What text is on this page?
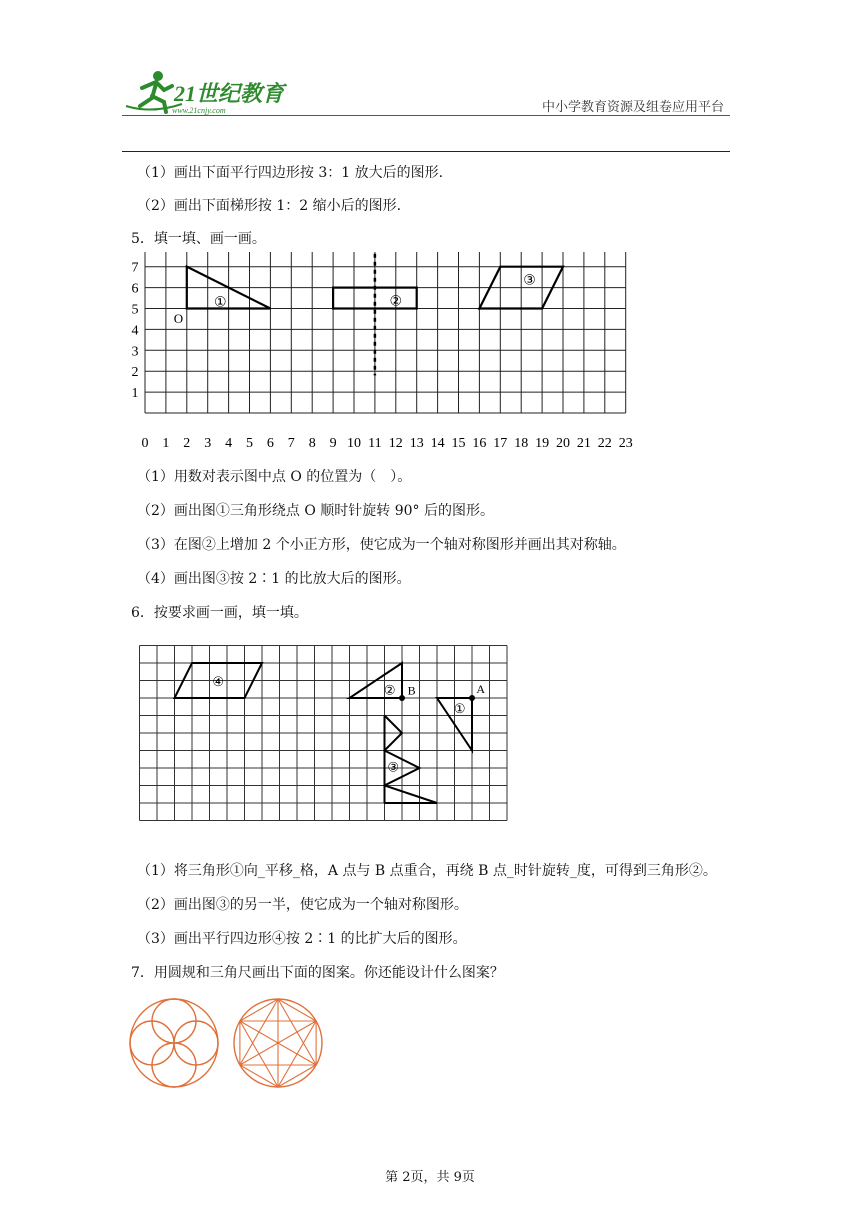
21世纪教育
www.21cnjy.com	中小学教育资源及组卷应用平台
（1）画出下面平行四边形按 3：1 放大后的图形.
（2）画出下面梯形按 1：2 缩小后的图形.
5．填一填、画一画。
0 1 2 3 4 5 6 7 8 9 10 11 12 13 14 15 16 17 18 19 20 21 22 23
7
6
5
4
3
2
1
①
O
②
③
（1）用数对表示图中点 O 的位置为（　）。
（2）画出图①三角形绕点 O 顺时针旋转 90° 后的图形。
（3）在图②上增加 2 个小正方形，使它成为一个轴对称图形并画出其对称轴。
（4）画出图③按 2∶1 的比放大后的图形。
6．按要求画一画，填一填。
④
② B
①
A
③
（1）将三角形①向_平移_格，A 点与 B 点重合，再绕 B 点_时针旋转_度，可得到三角形②。
（2）画出图③的另一半，使它成为一个轴对称图形。
（3）画出平行四边形④按 2∶1 的比扩大后的图形。
7．用圆规和三角尺画出下面的图案。你还能设计什么图案？
第 2页，共 9页
